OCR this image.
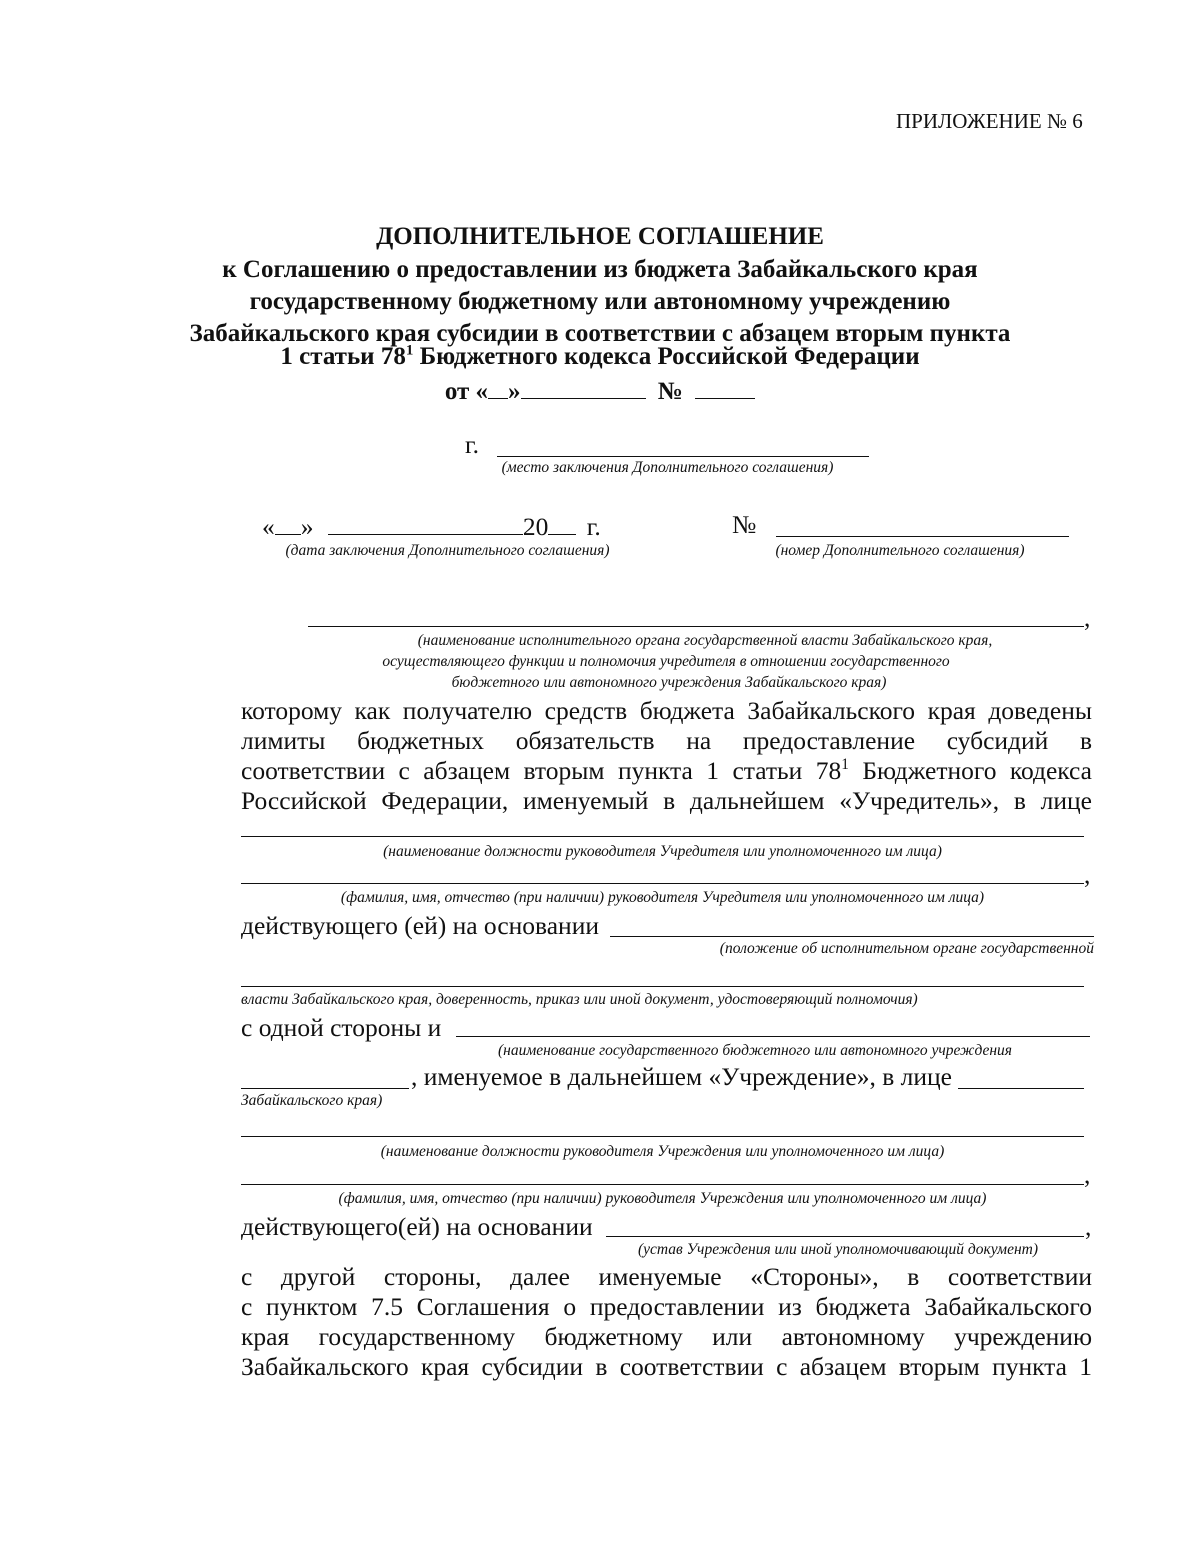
ПРИЛОЖЕНИЕ № 6
ДОПОЛНИТЕЛЬНОЕ СОГЛАШЕНИЕ
к Соглашению о предоставлении из бюджета Забайкальского края
государственному бюджетному или автономному учреждению
Забайкальского края субсидии в соответствии с абзацем вторым пункта
1 статьи $78^1$ Бюджетного кодекса Российской Федерации
от « »	№
г.
(место заключения Дополнительного соглашения)
« »	20 г.
(дата заключения Дополнительного соглашения)
№
(номер Дополнительного соглашения)
,
(наименование исполнительного органа государственной власти Забайкальского края,
осуществляющего функции и полномочия учредителя в отношении государственного
бюджетного или автономного учреждения Забайкальского края)
которому как получателю средств бюджета Забайкальского края доведены
лимиты бюджетных обязательств на предоставление субсидий в
соответствии с абзацем вторым пункта 1 статьи $78^1$ Бюджетного кодекса
Российской Федерации, именуемый в дальнейшем «Учредитель», в лице
(наименование должности руководителя Учредителя или уполномоченного им лица)
,
(фамилия, имя, отчество (при наличии) руководителя Учредителя или уполномоченного им лица)
действующего (ей) на основании
(положение об исполнительном органе государственной
власти Забайкальского края, доверенность, приказ или иной документ, удостоверяющий полномочия)
с одной стороны и
(наименование государственного бюджетного или автономного учреждения
, именуемое в дальнейшем «Учреждение», в лице
Забайкальского края)
(наименование должности руководителя Учреждения или уполномоченного им лица)
,
(фамилия, имя, отчество (при наличии) руководителя Учреждения или уполномоченного им лица)
действующего(ей) на основании	,
(устав Учреждения или иной уполномочивающий документ)
с другой стороны, далее именуемые «Стороны», в соответствии
с пунктом 7.5 Соглашения о предоставлении из бюджета Забайкальского
края государственному бюджетному или автономному учреждению
Забайкальского края субсидии в соответствии с абзацем вторым пункта 1
